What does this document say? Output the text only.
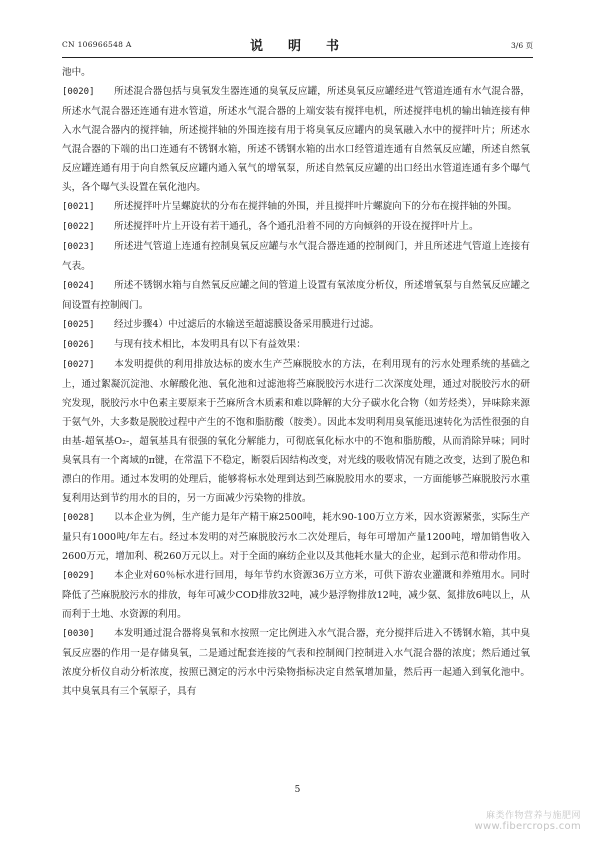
CN 106966548 A	说　明　书	3/6 页

池中。

[0020] 所述混合器包括与臭氧发生器连通的臭氧反应罐，所述臭氧反应罐经进气管道连通有水气混合器，所述水气混合器还连通有进水管道，所述水气混合器的上端安装有搅拌电机，所述搅拌电机的输出轴连接有伸入水气混合器内的搅拌轴，所述搅拌轴的外围连接有用于将臭氧反应罐内的臭氧融入水中的搅拌叶片；所述水气混合器的下端的出口连通有不锈钢水箱，所述不锈钢水箱的出水口经管道连通有自然氧反应罐，所述自然氧反应罐连通有用于向自然氧反应罐内通入氧气的增氧泵，所述自然氧反应罐的出口经出水管道连通有多个曝气头，各个曝气头设置在氧化池内。

[0021] 所述搅拌叶片呈螺旋状的分布在搅拌轴的外围，并且搅拌叶片螺旋向下的分布在搅拌轴的外围。

[0022] 所述搅拌叶片上开设有若干通孔，各个通孔沿着不同的方向倾斜的开设在搅拌叶片上。

[0023] 所述进气管道上连通有控制臭氧反应罐与水气混合器连通的控制阀门，并且所述进气管道上连接有气表。

[0024] 所述不锈钢水箱与自然氧反应罐之间的管道上设置有氧浓度分析仪，所述增氧泵与自然氧反应罐之间设置有控制阀门。

[0025] 经过步骤4）中过滤后的水输送至超滤膜设备采用膜进行过滤。

[0026] 与现有技术相比，本发明具有以下有益效果：

[0027] 本发明提供的利用排放达标的废水生产苎麻脱胶水的方法，在利用现有的污水处理系统的基础之上，通过絮凝沉淀池、水解酸化池、氧化池和过滤池将苎麻脱胶污水进行二次深度处理，通过对脱胶污水的研究发现，脱胶污水中色素主要原来于苎麻所含木质素和难以降解的大分子碳水化合物（如芳烃类），异味除来源于氨气外，大多数是脱胶过程中产生的不饱和脂肪酸（胺类）。因此本发明利用臭氧能迅速转化为活性很强的自由基-超氧基O₂-，超氧基具有很强的氧化分解能力，可彻底氧化标水中的不饱和脂肪酸，从而消除异味；同时臭氧具有一个离域的π键，在常温下不稳定，断裂后因结构改变，对光线的吸收情况有随之改变，达到了脱色和漂白的作用。通过本发明的处理后，能够将标水处理到达到苎麻脱胶用水的要求，一方面能够苎麻脱胶污水重复利用达到节约用水的目的，另一方面减少污染物的排放。

[0028] 以本企业为例，生产能力是年产精干麻2500吨，耗水90-100万立方米，因水资源紧张，实际生产量只有1000吨/年左右。经过本发明的对苎麻脱胶污水二次处理后，每年可增加产量1200吨，增加销售收入2600万元，增加利、税260万元以上。对于全面的麻纺企业以及其他耗水量大的企业，起到示范和带动作用。

[0029] 本企业对60％标水进行回用，每年节约水资源36万立方米，可供下游农业灌溉和养殖用水。同时降低了苎麻脱胶污水的排放，每年可减少COD排放32吨，减少悬浮物排放12吨，减少氨、氮排放6吨以上，从而利于土地、水资源的利用。

[0030] 本发明通过混合器将臭氧和水按照一定比例进入水气混合器，充分搅拌后进入不锈钢水箱，其中臭氧反应器的作用一是存储臭氧，二是通过配套连接的气表和控制阀门控制进入水气混合器的浓度；然后通过氧浓度分析仪自动分析浓度，按照已测定的污水中污染物指标决定自然氧增加量，然后再一起通入到氧化池中。其中臭氧具有三个氧原子，具有

5
麻类作物营养与施肥网
www.fibercrops.com
